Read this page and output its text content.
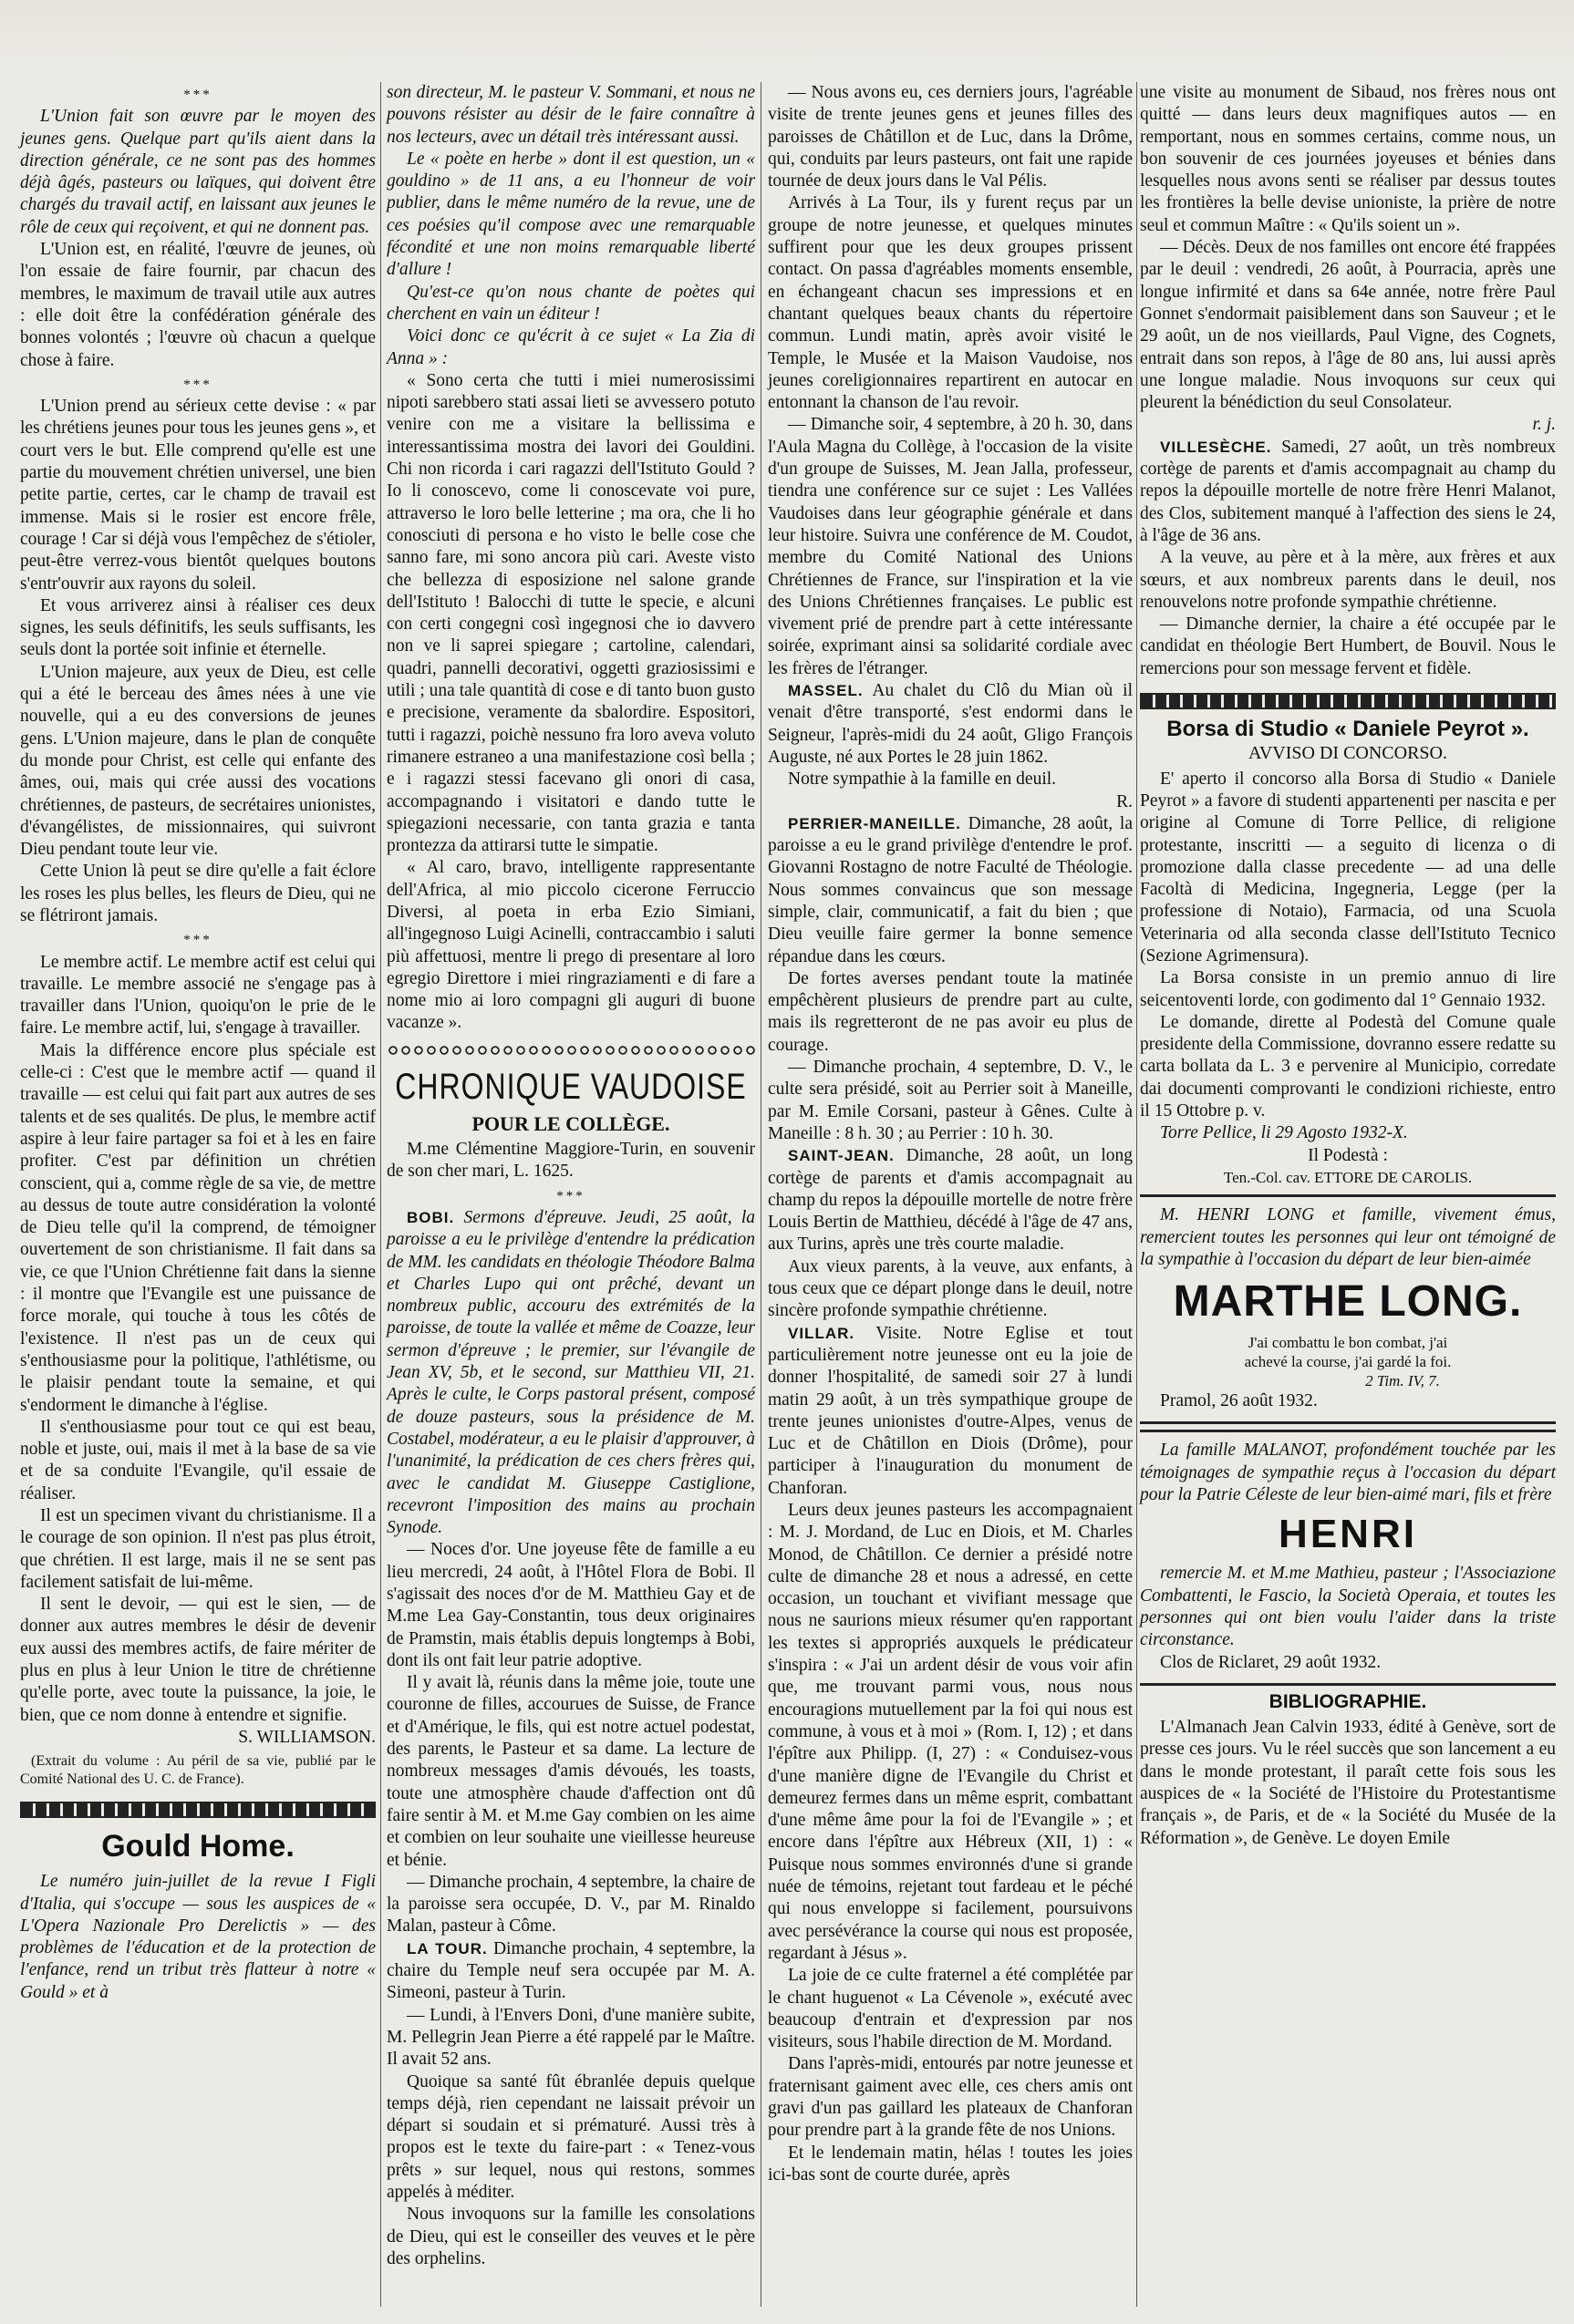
***

L'Union fait son œuvre par le moyen des jeunes gens. Quelque part qu'ils aient dans la direction générale, ce ne sont pas des hommes déjà âgés, pasteurs ou laïques, qui doivent être chargés du travail actif, en laissant aux jeunes le rôle de ceux qui reçoivent, et qui ne donnent pas.

L'Union est, en réalité, l'œuvre de jeunes, où l'on essaie de faire fournir, par chacun des membres, le maximum de travail utile aux autres : elle doit être la confédération générale des bonnes volontés ; l'œuvre où chacun a quelque chose à faire.

***

L'Union prend au sérieux cette devise : « par les chrétiens jeunes pour tous les jeunes gens », et court vers le but. Elle comprend qu'elle est une partie du mouvement chrétien universel, une bien petite partie, certes, car le champ de travail est immense. Mais si le rosier est encore frêle, courage ! Car si déjà vous l'empêchez de s'étioler, peut-être verrez-vous bientôt quelques boutons s'entr'ouvrir aux rayons du soleil.

Et vous arriverez ainsi à réaliser ces deux signes, les seuls définitifs, les seuls suffisants, les seuls dont la portée soit infinie et éternelle.

L'Union majeure, aux yeux de Dieu, est celle qui a été le berceau des âmes nées à une vie nouvelle, qui a eu des conversions de jeunes gens. L'Union majeure, dans le plan de conquête du monde pour Christ, est celle qui enfante des âmes, oui, mais qui crée aussi des vocations chrétiennes, de pasteurs, de secrétaires unionistes, d'évangélistes, de missionnaires, qui suivront Dieu pendant toute leur vie.

Cette Union là peut se dire qu'elle a fait éclore les roses les plus belles, les fleurs de Dieu, qui ne se flétriront jamais.

***

Le membre actif. Le membre actif est celui qui travaille. Le membre associé ne s'engage pas à travailler dans l'Union, quoiqu'on le prie de le faire. Le membre actif, lui, s'engage à travailler.

Mais la différence encore plus spéciale est celle-ci : C'est que le membre actif — quand il travaille — est celui qui fait part aux autres de ses talents et de ses qualités. De plus, le membre actif aspire à leur faire partager sa foi et à les en faire profiter. C'est par définition un chrétien conscient, qui a, comme règle de sa vie, de mettre au dessus de toute autre considération la volonté de Dieu telle qu'il la comprend, de témoigner ouvertement de son christianisme. Il fait dans sa vie, ce que l'Union Chrétienne fait dans la sienne : il montre que l'Evangile est une puissance de force morale, qui touche à tous les côtés de l'existence. Il n'est pas un de ceux qui s'enthousiasme pour la politique, l'athlétisme, ou le plaisir pendant toute la semaine, et qui s'endorment le dimanche à l'église.

Il s'enthousiasme pour tout ce qui est beau, noble et juste, oui, mais il met à la base de sa vie et de sa conduite l'Evangile, qu'il essaie de réaliser.

Il est un specimen vivant du christianisme. Il a le courage de son opinion. Il n'est pas plus étroit, que chrétien. Il est large, mais il ne se sent pas facilement satisfait de lui-même.

Il sent le devoir, — qui est le sien, — de donner aux autres membres le désir de devenir eux aussi des membres actifs, de faire mériter de plus en plus à leur Union le titre de chrétienne qu'elle porte, avec toute la puissance, la joie, le bien, que ce nom donne à entendre et signifie.

S. WILLIAMSON.

(Extrait du volume : Au péril de sa vie, publié par le Comité National des U. C. de France).

Gould Home.

Le numéro juin-juillet de la revue I Figli d'Italia, qui s'occupe — sous les auspices de « L'Opera Nazionale Pro Derelictis » — des problèmes de l'éducation et de la protection de l'enfance, rend un tribut très flatteur à notre « Gould » et à

son directeur, M. le pasteur V. Sommani, et nous ne pouvons résister au désir de le faire connaître à nos lecteurs, avec un détail très intéressant aussi.

Le « poète en herbe » dont il est question, un « gouldino » de 11 ans, a eu l'honneur de voir publier, dans le même numéro de la revue, une de ces poésies qu'il compose avec une remarquable fécondité et une non moins remarquable liberté d'allure !

Qu'est-ce qu'on nous chante de poètes qui cherchent en vain un éditeur !

Voici donc ce qu'écrit à ce sujet « La Zia di Anna » :

« Sono certa che tutti i miei numerosissimi nipoti sarebbero stati assai lieti se avvessero potuto venire con me a visitare la bellissima e interessantissima mostra dei lavori dei Gouldini. Chi non ricorda i cari ragazzi dell'Istituto Gould ? Io li conoscevo, come li conoscevate voi pure, attraverso le loro belle letterine ; ma ora, che li ho conosciuti di persona e ho visto le belle cose che sanno fare, mi sono ancora più cari. Aveste visto che bellezza di esposizione nel salone grande dell'Istituto ! Balocchi di tutte le specie, e alcuni con certi congegni così ingegnosi che io davvero non ve li saprei spiegare ; cartoline, calendari, quadri, pannelli decorativi, oggetti graziosissimi e utili ; una tale quantità di cose e di tanto buon gusto e precisione, veramente da sbalordire. Espositori, tutti i ragazzi, poichè nessuno fra loro aveva voluto rimanere estraneo a una manifestazione così bella ; e i ragazzi stessi facevano gli onori di casa, accompagnando i visitatori e dando tutte le spiegazioni necessarie, con tanta grazia e tanta prontezza da attirarsi tutte le simpatie.

« Al caro, bravo, intelligente rappresentante dell'Africa, al mio piccolo cicerone Ferruccio Diversi, al poeta in erba Ezio Simiani, all'ingegnoso Luigi Acinelli, contraccambio i saluti più affettuosi, mentre li prego di presentare al loro egregio Direttore i miei ringraziamenti e di fare a nome mio ai loro compagni gli auguri di buone vacanze ».

CHRONIQUE VAUDOISE

POUR LE COLLÈGE.

M.me Clémentine Maggiore-Turin, en souvenir de son cher mari, L. 1625.

***

BOBI. Sermons d'épreuve. Jeudi, 25 août, la paroisse a eu le privilège d'entendre la prédication de MM. les candidats en théologie Théodore Balma et Charles Lupo qui ont prêché, devant un nombreux public, accouru des extrémités de la paroisse, de toute la vallée et même de Coazze, leur sermon d'épreuve ; le premier, sur l'évangile de Jean XV, 5b, et le second, sur Matthieu VII, 21. Après le culte, le Corps pastoral présent, composé de douze pasteurs, sous la présidence de M. Costabel, modérateur, a eu le plaisir d'approuver, à l'unanimité, la prédication de ces chers frères qui, avec le candidat M. Giuseppe Castiglione, recevront l'imposition des mains au prochain Synode.

— Noces d'or. Une joyeuse fête de famille a eu lieu mercredi, 24 août, à l'Hôtel Flora de Bobi. Il s'agissait des noces d'or de M. Matthieu Gay et de M.me Lea Gay-Constantin, tous deux originaires de Pramstin, mais établis depuis longtemps à Bobi, dont ils ont fait leur patrie adoptive.

Il y avait là, réunis dans la même joie, toute une couronne de filles, accourues de Suisse, de France et d'Amérique, le fils, qui est notre actuel podestat, des parents, le Pasteur et sa dame. La lecture de nombreux messages d'amis dévoués, les toasts, toute une atmosphère chaude d'affection ont dû faire sentir à M. et M.me Gay combien on les aime et combien on leur souhaite une vieillesse heureuse et bénie.

— Dimanche prochain, 4 septembre, la chaire de la paroisse sera occupée, D. V., par M. Rinaldo Malan, pasteur à Côme.

LA TOUR. Dimanche prochain, 4 septembre, la chaire du Temple neuf sera occupée par M. A. Simeoni, pasteur à Turin.

— Lundi, à l'Envers Doni, d'une manière subite, M. Pellegrin Jean Pierre a été rappelé par le Maître. Il avait 52 ans.

Quoique sa santé fût ébranlée depuis quelque temps déjà, rien cependant ne laissait prévoir un départ si soudain et si prématuré. Aussi très à propos est le texte du faire-part : « Tenez-vous prêts » sur lequel, nous qui restons, sommes appelés à méditer.

Nous invoquons sur la famille les consolations de Dieu, qui est le conseiller des veuves et le père des orphelins.

— Nous avons eu, ces derniers jours, l'agréable visite de trente jeunes gens et jeunes filles des paroisses de Châtillon et de Luc, dans la Drôme, qui, conduits par leurs pasteurs, ont fait une rapide tournée de deux jours dans le Val Pélis.

Arrivés à La Tour, ils y furent reçus par un groupe de notre jeunesse, et quelques minutes suffirent pour que les deux groupes prissent contact. On passa d'agréables moments ensemble, en échangeant chacun ses impressions et en chantant quelques beaux chants du répertoire commun. Lundi matin, après avoir visité le Temple, le Musée et la Maison Vaudoise, nos jeunes coreligionnaires repartirent en autocar en entonnant la chanson de l'au revoir.

— Dimanche soir, 4 septembre, à 20 h. 30, dans l'Aula Magna du Collège, à l'occasion de la visite d'un groupe de Suisses, M. Jean Jalla, professeur, tiendra une conférence sur ce sujet : Les Vallées Vaudoises dans leur géographie générale et dans leur histoire. Suivra une conférence de M. Coudot, membre du Comité National des Unions Chrétiennes de France, sur l'inspiration et la vie des Unions Chrétiennes françaises. Le public est vivement prié de prendre part à cette intéressante soirée, exprimant ainsi sa solidarité cordiale avec les frères de l'étranger.

MASSEL. Au chalet du Clô du Mian où il venait d'être transporté, s'est endormi dans le Seigneur, l'après-midi du 24 août, Gligo François Auguste, né aux Portes le 28 juin 1862.

Notre sympathie à la famille en deuil.

R.

PERRIER-MANEILLE. Dimanche, 28 août, la paroisse a eu le grand privilège d'entendre le prof. Giovanni Rostagno de notre Faculté de Théologie. Nous sommes convaincus que son message simple, clair, communicatif, a fait du bien ; que Dieu veuille faire germer la bonne semence répandue dans les cœurs.

De fortes averses pendant toute la matinée empêchèrent plusieurs de prendre part au culte, mais ils regretteront de ne pas avoir eu plus de courage.

— Dimanche prochain, 4 septembre, D. V., le culte sera présidé, soit au Perrier soit à Maneille, par M. Emile Corsani, pasteur à Gênes. Culte à Maneille : 8 h. 30 ; au Perrier : 10 h. 30.

SAINT-JEAN. Dimanche, 28 août, un long cortège de parents et d'amis accompagnait au champ du repos la dépouille mortelle de notre frère Louis Bertin de Matthieu, décédé à l'âge de 47 ans, aux Turins, après une très courte maladie.

Aux vieux parents, à la veuve, aux enfants, à tous ceux que ce départ plonge dans le deuil, notre sincère profonde sympathie chrétienne.

VILLAR. Visite. Notre Eglise et tout particulièrement notre jeunesse ont eu la joie de donner l'hospitalité, de samedi soir 27 à lundi matin 29 août, à un très sympathique groupe de trente jeunes unionistes d'outre-Alpes, venus de Luc et de Châtillon en Diois (Drôme), pour participer à l'inauguration du monument de Chanforan.

Leurs deux jeunes pasteurs les accompagnaient : M. J. Mordand, de Luc en Diois, et M. Charles Monod, de Châtillon. Ce dernier a présidé notre culte de dimanche 28 et nous a adressé, en cette occasion, un touchant et vivifiant message que nous ne saurions mieux résumer qu'en rapportant les textes si appropriés auxquels le prédicateur s'inspira : « J'ai un ardent désir de vous voir afin que, me trouvant parmi vous, nous nous encouragions mutuellement par la foi qui nous est commune, à vous et à moi » (Rom. I, 12) ; et dans l'épître aux Philipp. (I, 27) : « Conduisez-vous d'une manière digne de l'Evangile du Christ et demeurez fermes dans un même esprit, combattant d'une même âme pour la foi de l'Evangile » ; et encore dans l'épître aux Hébreux (XII, 1) : « Puisque nous sommes environnés d'une si grande nuée de témoins, rejetant tout fardeau et le péché qui nous enveloppe si facilement, poursuivons avec persévérance la course qui nous est proposée, regardant à Jésus ».

La joie de ce culte fraternel a été complétée par le chant huguenot « La Cévenole », exécuté avec beaucoup d'entrain et d'expression par nos visiteurs, sous l'habile direction de M. Mordand.

Dans l'après-midi, entourés par notre jeunesse et fraternisant gaiment avec elle, ces chers amis ont gravi d'un pas gaillard les plateaux de Chanforan pour prendre part à la grande fête de nos Unions.

Et le lendemain matin, hélas ! toutes les joies ici-bas sont de courte durée, après

une visite au monument de Sibaud, nos frères nous ont quitté — dans leurs deux magnifiques autos — en remportant, nous en sommes certains, comme nous, un bon souvenir de ces journées joyeuses et bénies dans lesquelles nous avons senti se réaliser par dessus toutes les frontières la belle devise unioniste, la prière de notre seul et commun Maître : « Qu'ils soient un ».

— Décès. Deux de nos familles ont encore été frappées par le deuil : vendredi, 26 août, à Pourracia, après une longue infirmité et dans sa 64e année, notre frère Paul Gonnet s'endormait paisiblement dans son Sauveur ; et le 29 août, un de nos vieillards, Paul Vigne, des Cognets, entrait dans son repos, à l'âge de 80 ans, lui aussi après une longue maladie. Nous invoquons sur ceux qui pleurent la bénédiction du seul Consolateur.

r. j.

VILLESÈCHE. Samedi, 27 août, un très nombreux cortège de parents et d'amis accompagnait au champ du repos la dépouille mortelle de notre frère Henri Malanot, des Clos, subitement manqué à l'affection des siens le 24, à l'âge de 36 ans.

A la veuve, au père et à la mère, aux frères et aux sœurs, et aux nombreux parents dans le deuil, nos renouvelons notre profonde sympathie chrétienne.

— Dimanche dernier, la chaire a été occupée par le candidat en théologie Bert Humbert, de Bouvil. Nous le remercions pour son message fervent et fidèle.

Borsa di Studio « Daniele Peyrot ».

AVVISO DI CONCORSO.

E' aperto il concorso alla Borsa di Studio « Daniele Peyrot » a favore di studenti appartenenti per nascita e per origine al Comune di Torre Pellice, di religione protestante, inscritti — a seguito di licenza o di promozione dalla classe precedente — ad una delle Facoltà di Medicina, Ingegneria, Legge (per la professione di Notaio), Farmacia, od una Scuola Veterinaria od alla seconda classe dell'Istituto Tecnico (Sezione Agrimensura).

La Borsa consiste in un premio annuo di lire seicentoventi lorde, con godimento dal 1° Gennaio 1932.

Le domande, dirette al Podestà del Comune quale presidente della Commissione, dovranno essere redatte su carta bollata da L. 3 e pervenire al Municipio, corredate dai documenti comprovanti le condizioni richieste, entro il 15 Ottobre p. v.

Torre Pellice, li 29 Agosto 1932-X.

Il Podestà :

Ten.-Col. cav. ETTORE DE CAROLIS.

M. HENRI LONG et famille, vivement émus, remercient toutes les personnes qui leur ont témoigné de la sympathie à l'occasion du départ de leur bien-aimée

MARTHE LONG.

J'ai combattu le bon combat, j'ai

achevé la course, j'ai gardé la foi.

2 Tim. IV, 7.

Pramol, 26 août 1932.

La famille MALANOT, profondément touchée par les témoignages de sympathie reçus à l'occasion du départ pour la Patrie Céleste de leur bien-aimé mari, fils et frère

HENRI

remercie M. et M.me Mathieu, pasteur ; l'Associazione Combattenti, le Fascio, la Società Operaia, et toutes les personnes qui ont bien voulu l'aider dans la triste circonstance.

Clos de Riclaret, 29 août 1932.

BIBLIOGRAPHIE.

L'Almanach Jean Calvin 1933, édité à Genève, sort de presse ces jours. Vu le réel succès que son lancement a eu dans le monde protestant, il paraît cette fois sous les auspices de « la Société de l'Histoire du Protestantisme français », de Paris, et de « la Société du Musée de la Réformation », de Genève. Le doyen Emile
